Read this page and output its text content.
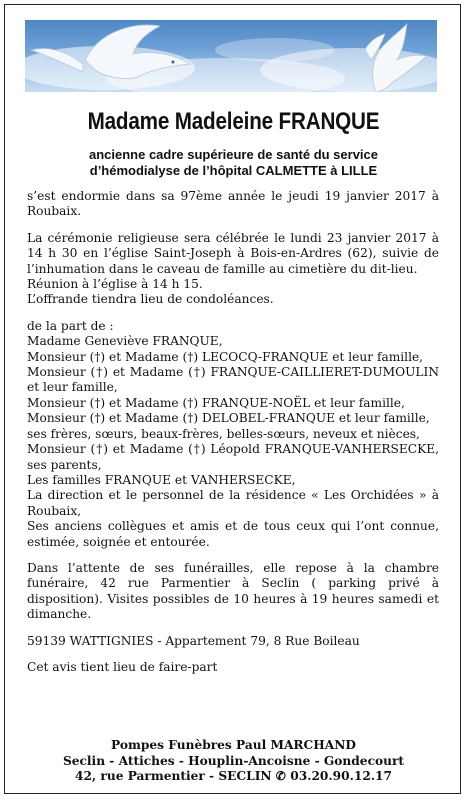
Madame Madeleine FRANQUE
ancienne cadre supérieure de santé du service
d’hémodialyse de l’hôpital CALMETTE à LILLE

s’est endormie dans sa 97ème année le jeudi 19 janvier 2017 à Roubaix.

La cérémonie religieuse sera célébrée le lundi 23 janvier 2017 à 14 h 30 en l’église Saint-Joseph à Bois-en-Ardres (62), suivie de l’inhumation dans le caveau de famille au cimetière du dit-lieu.

Réunion à l’église à 14 h 15.

L’offrande tiendra lieu de condoléances.

de la part de :

Madame Geneviève FRANQUE,

Monsieur (†) et Madame (†) LECOCQ-FRANQUE et leur famille,

Monsieur (†) et Madame (†) FRANQUE-CAILLIERET-DUMOULIN et leur famille,

Monsieur (†) et Madame (†) FRANQUE-NOËL et leur famille,

Monsieur (†) et Madame (†) DELOBEL-FRANQUE et leur famille,

ses frères, sœurs, beaux-frères, belles-sœurs, neveux et nièces,

Monsieur (†) et Madame (†) Léopold FRANQUE-VANHERSECKE, ses parents,

Les familles FRANQUE et VANHERSECKE,

La direction et le personnel de la résidence « Les Orchidées » à Roubaix,

Ses anciens collègues et amis et de tous ceux qui l’ont connue, estimée, soignée et entourée.

Dans l’attente de ses funérailles, elle repose à la chambre funéraire, 42 rue Parmentier à Seclin ( parking privé à disposition). Visites possibles de 10 heures à 19 heures samedi et dimanche.

59139 WATTIGNIES - Appartement 79, 8 Rue Boileau

Cet avis tient lieu de faire-part

Pompes Funèbres Paul MARCHAND
Seclin - Attiches - Houplin-Ancoisne - Gondecourt
42, rue Parmentier - SECLIN ✆ 03.20.90.12.17
